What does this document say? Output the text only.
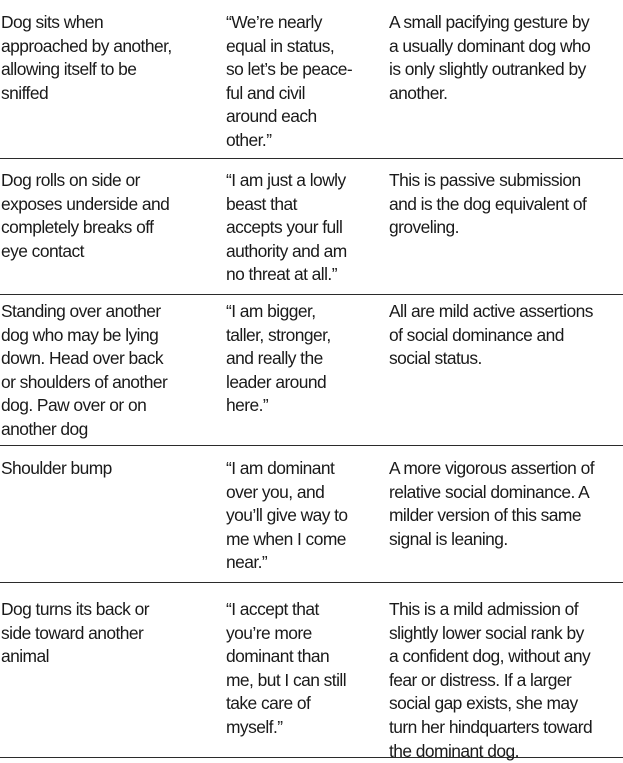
Dog sits when
approached by another,
allowing itself to be
sniffed
“We’re nearly
equal in status,
so let’s be peace-
ful and civil
around each
other.”
A small pacifying gesture by
a usually dominant dog who
is only slightly outranked by
another.
Dog rolls on side or
exposes underside and
completely breaks off
eye contact
“I am just a lowly
beast that
accepts your full
authority and am
no threat at all.”
This is passive submission
and is the dog equivalent of
groveling.
Standing over another
dog who may be lying
down. Head over back
or shoulders of another
dog. Paw over or on
another dog
“I am bigger,
taller, stronger,
and really the
leader around
here.”
All are mild active assertions
of social dominance and
social status.
Shoulder bump	“I am dominant
over you, and
you’ll give way to
me when I come
near.”
A more vigorous assertion of
relative social dominance. A
milder version of this same
signal is leaning.
Dog turns its back or
side toward another
animal
“I accept that
you’re more
dominant than
me, but I can still
take care of
myself.”
This is a mild admission of
slightly lower social rank by
a confident dog, without any
fear or distress. If a larger
social gap exists, she may
turn her hindquarters toward
the dominant dog.
